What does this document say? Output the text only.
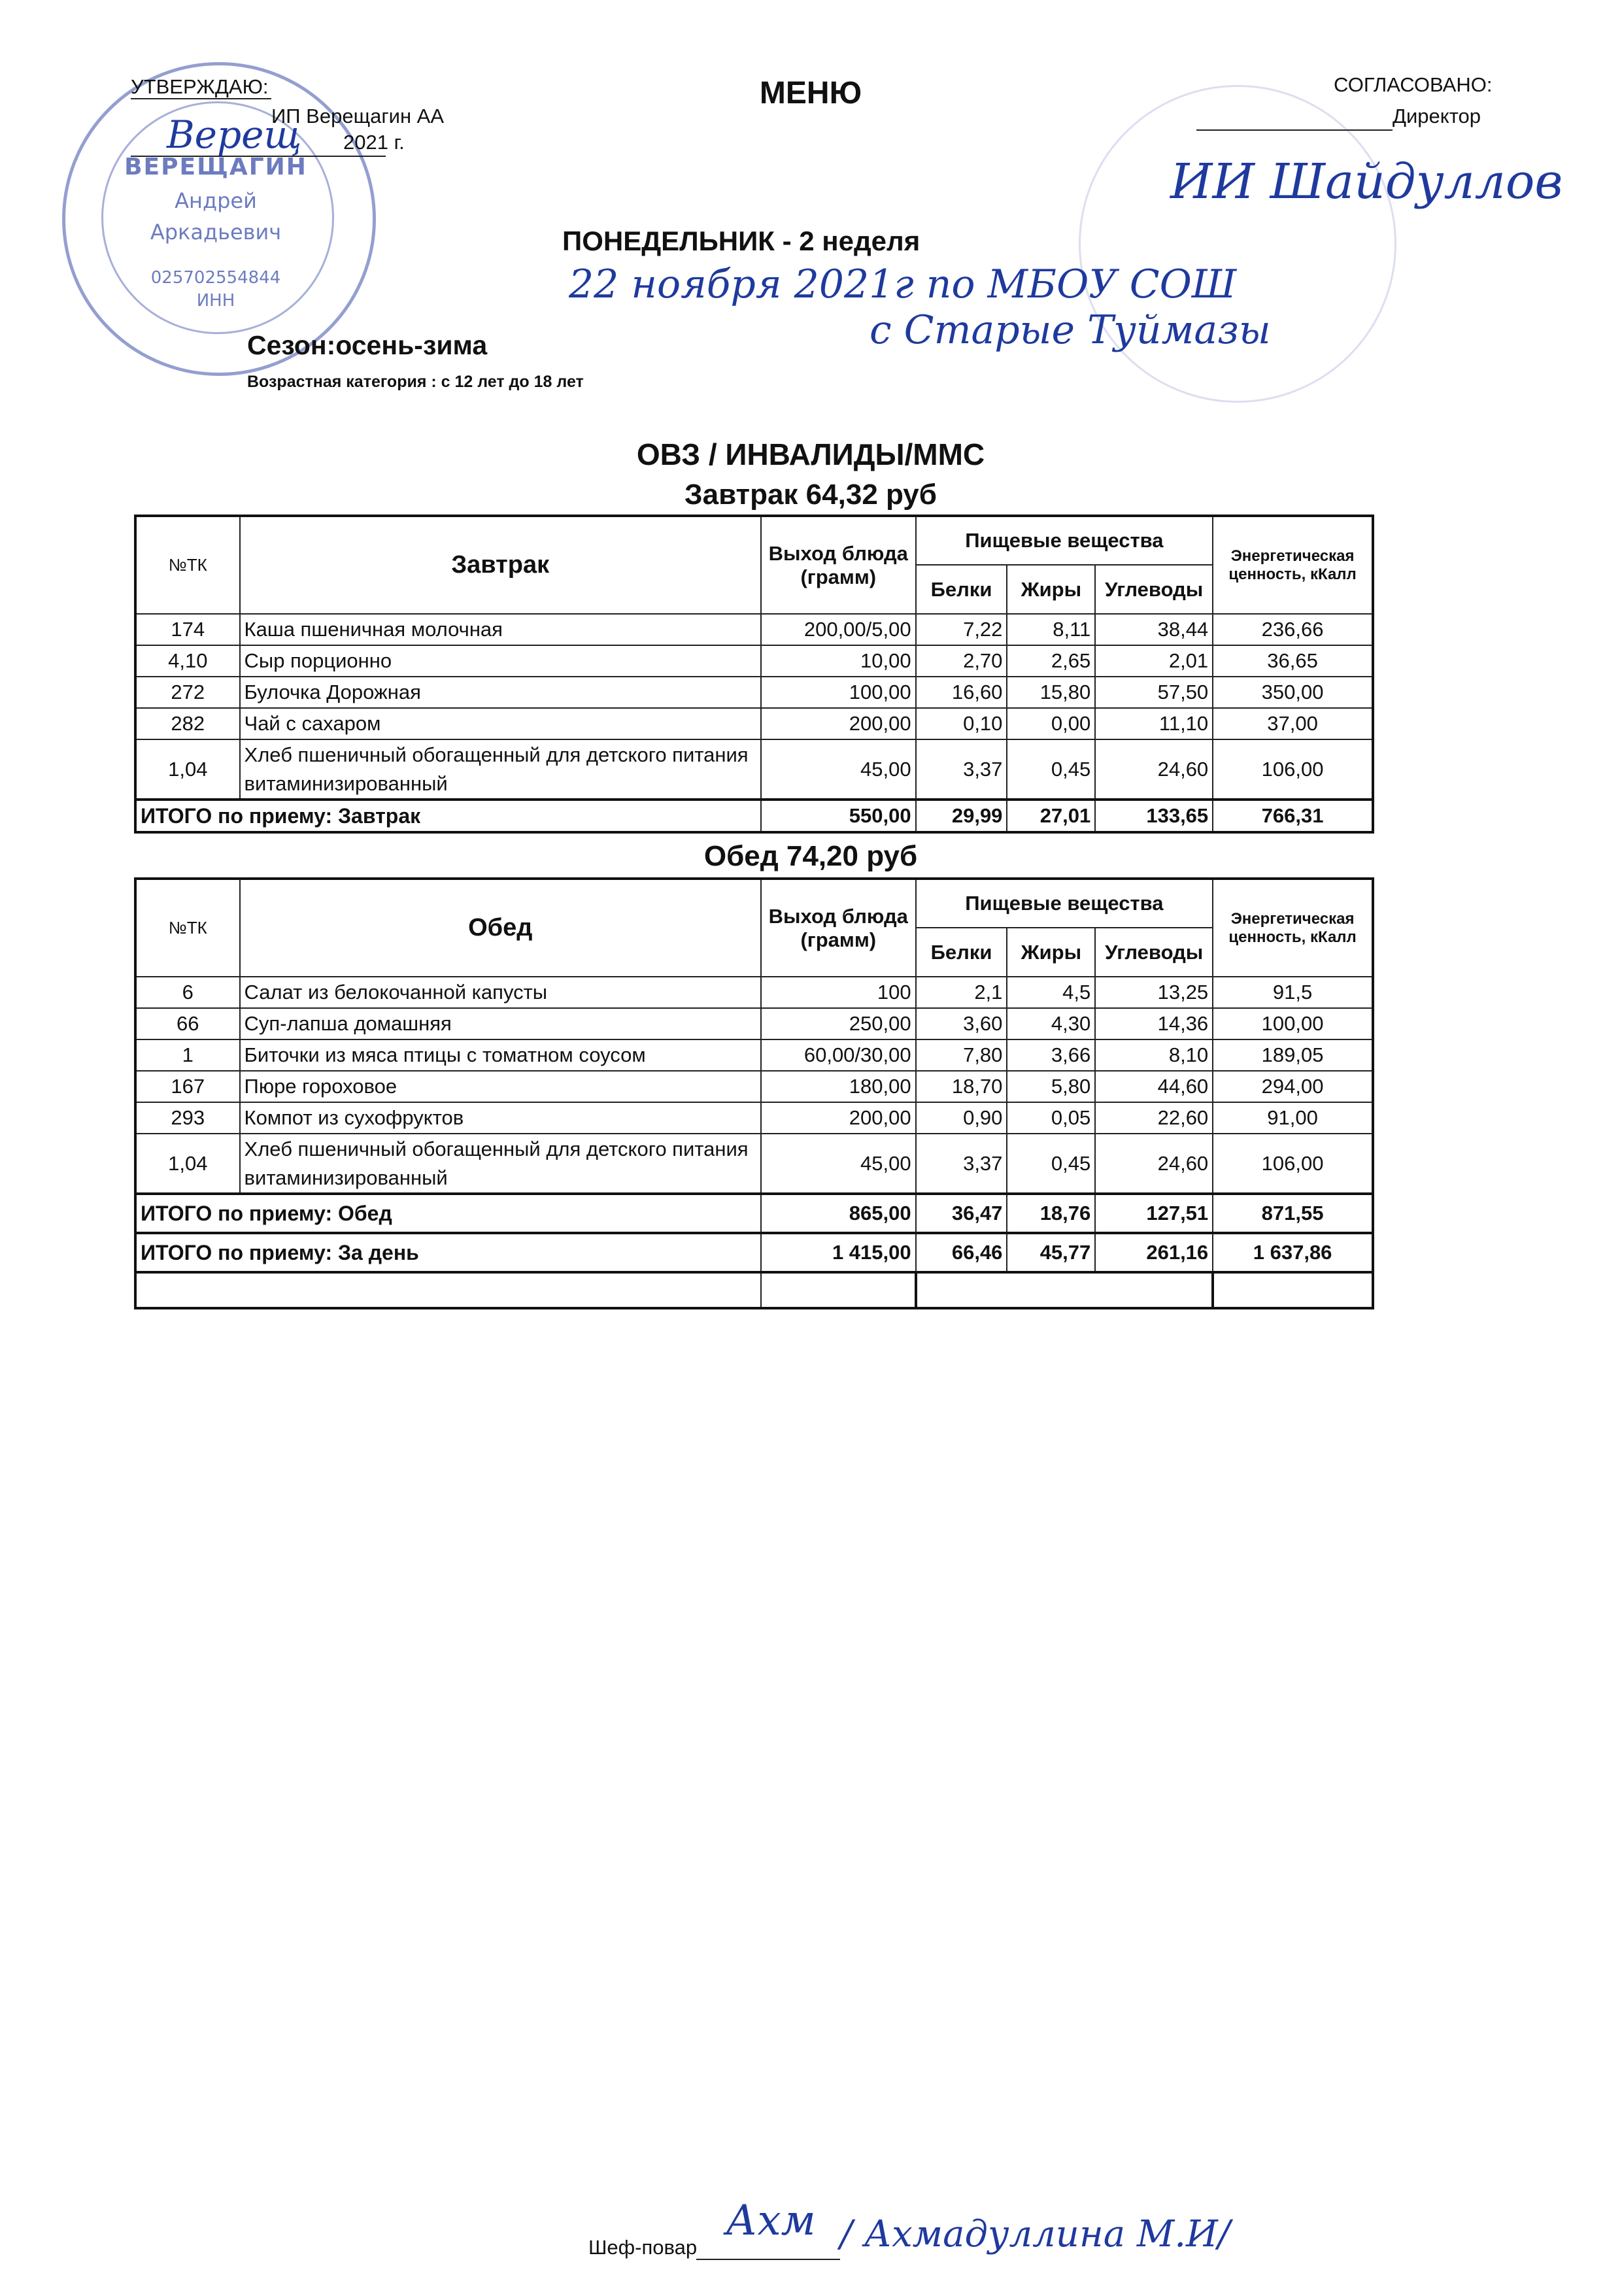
ВЕРЕЩАГИН
Андрей
Аркадьевич
025702554844
ИНН
УТВЕРЖДАЮ:
ИП Верещагин АА
2021 г.
Верещ
МЕНЮ	СОГЛАСОВАНО:
Директор
ИИ Шайдуллов
ПОНЕДЕЛЬНИК - 2 неделя
22 ноября 2021г по МБОУ СОШ
с Старые Туймазы
Сезон:осень-зима
Возрастная категория : с 12 лет до 18 лет
ОВЗ / ИНВАЛИДЫ/ММС
Завтрак 64,32 руб
№ТК	Завтрак	Выход блюда (грамм)	Пищевые вещества			Энергетическая ценность, кКалл
			Белки	Жиры	Углеводы	
174	Каша пшеничная молочная	200,00/5,00	7,22	8,11	38,44	236,66
4,10	Сыр порционно	10,00	2,70	2,65	2,01	36,65
272	Булочка Дорожная	100,00	16,60	15,80	57,50	350,00
282	Чай с сахаром	200,00	0,10	0,00	11,10	37,00
1,04	Хлеб пшеничный обогащенный для детского питания витаминизированный	45,00	3,37	0,45	24,60	106,00
ИТОГО по приему: Завтрак		550,00	29,99	27,01	133,65	766,31
Обед 74,20 руб
№ТК	Обед	Выход блюда (грамм)	Пищевые вещества			Энергетическая ценность, кКалл
			Белки	Жиры	Углеводы	
6	Салат из белокочанной капусты	100	2,1	4,5	13,25	91,5
66	Суп-лапша домашняя	250,00	3,60	4,30	14,36	100,00
1	Биточки из мяса птицы с томатном соусом	60,00/30,00	7,80	3,66	8,10	189,05
167	Пюре гороховое	180,00	18,70	5,80	44,60	294,00
293	Компот из сухофруктов	200,00	0,90	0,05	22,60	91,00
1,04	Хлеб пшеничный обогащенный для детского питания витаминизированный	45,00	3,37	0,45	24,60	106,00
ИТОГО по приему: Обед		865,00	36,47	18,76	127,51	871,55
ИТОГО по приему: За день		1 415,00	66,46	45,77	261,16	1 637,86

Шеф-повар
Ахм / Ахмадуллина М.И/
